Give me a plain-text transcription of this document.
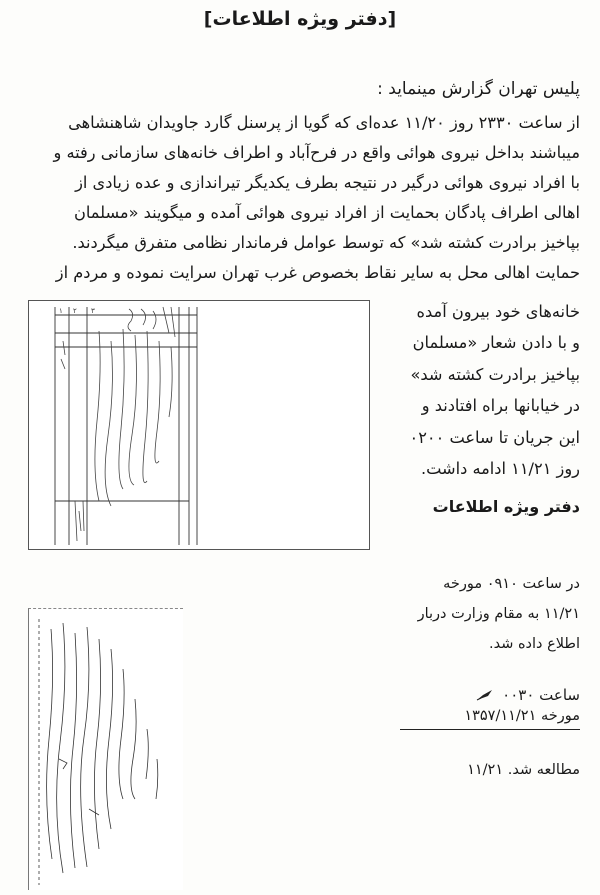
[دفتر ویژه اطلاعات]
پلیس تهران گزارش مینماید :
از ساعت ۲۳۳۰ روز ۱۱/۲۰ عده‌ای که گویا از پرسنل گارد جاویدان شاهنشاهی
میباشند بداخل نیروی هوائی واقع در فرح‌آباد و اطراف خانه‌های سازمانی رفته و
با افراد نیروی هوائی درگیر در نتیجه بطرف یکدیگر تیراندازی و عده زیادی از
اهالی اطراف پادگان بحمایت از افراد نیروی هوائی آمده و میگویند «مسلمان
بپاخیز برادرت کشته شد» که توسط عوامل فرماندار نظامی متفرق میگردند.
حمایت اهالی محل به سایر نقاط بخصوص غرب تهران سرایت نموده و مردم از
خانه‌های خود بیرون آمده
و با دادن شعار «مسلمان
بپاخیز برادرت کشته شد»
در خیابانها براه افتادند و
این جریان تا ساعت ۰۲۰۰
روز ۱۱/۲۱ ادامه داشت.
دفتر ویژه اطلاعات
در ساعت ۰۹۱۰ مورخه
۱۱/۲۱ به مقام وزارت دربار
اطلاع داده شد.
ساعت ۰۰۳۰
مورخه ۱۳۵۷/۱۱/۲۱
مطالعه شد. ۱۱/۲۱
۱ ۲ ۳
